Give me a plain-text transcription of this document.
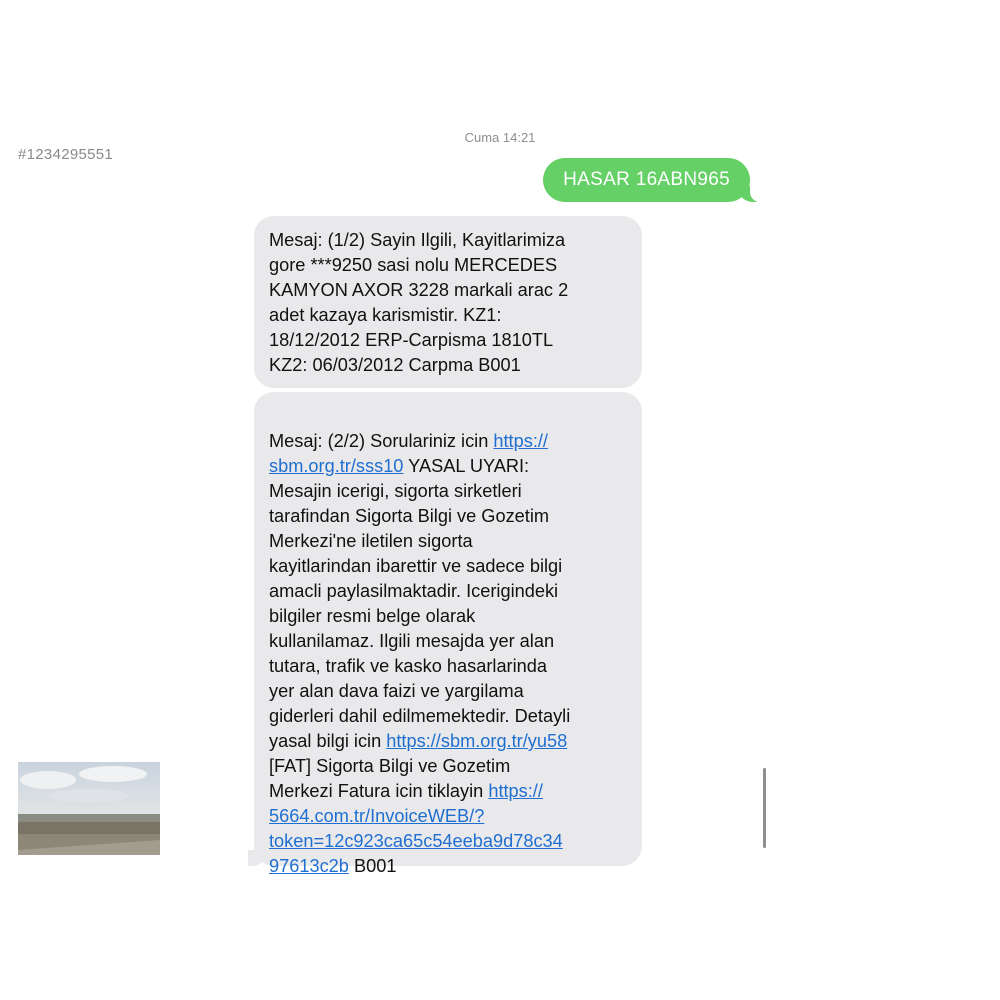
#1234295551
Cuma 14:21
HASAR 16ABN965
Mesaj: (1/2) Sayin Ilgili, Kayitlarimiza
gore ***9250 sasi nolu MERCEDES
KAMYON AXOR 3228 markali arac 2
adet kazaya karismistir. KZ1:
18/12/2012 ERP-Carpisma 1810TL
KZ2: 06/03/2012 Carpma B001

Mesaj: (2/2) Sorulariniz icin https://
sbm.org.tr/sss10 YASAL UYARI:
Mesajin icerigi, sigorta sirketleri
tarafindan Sigorta Bilgi ve Gozetim
Merkezi'ne iletilen sigorta
kayitlarindan ibarettir ve sadece bilgi
amacli paylasilmaktadir. Icerigindeki
bilgiler resmi belge olarak
kullanilamaz. Ilgili mesajda yer alan
tutara, trafik ve kasko hasarlarinda
yer alan dava faizi ve yargilama
giderleri dahil edilmemektedir. Detayli
yasal bilgi icin https://sbm.org.tr/yu58
[FAT] Sigorta Bilgi ve Gozetim
Merkezi Fatura icin tiklayin https://
5664.com.tr/InvoiceWEB/?
token=12c923ca65c54eeba9d78c34
97613c2b B001
